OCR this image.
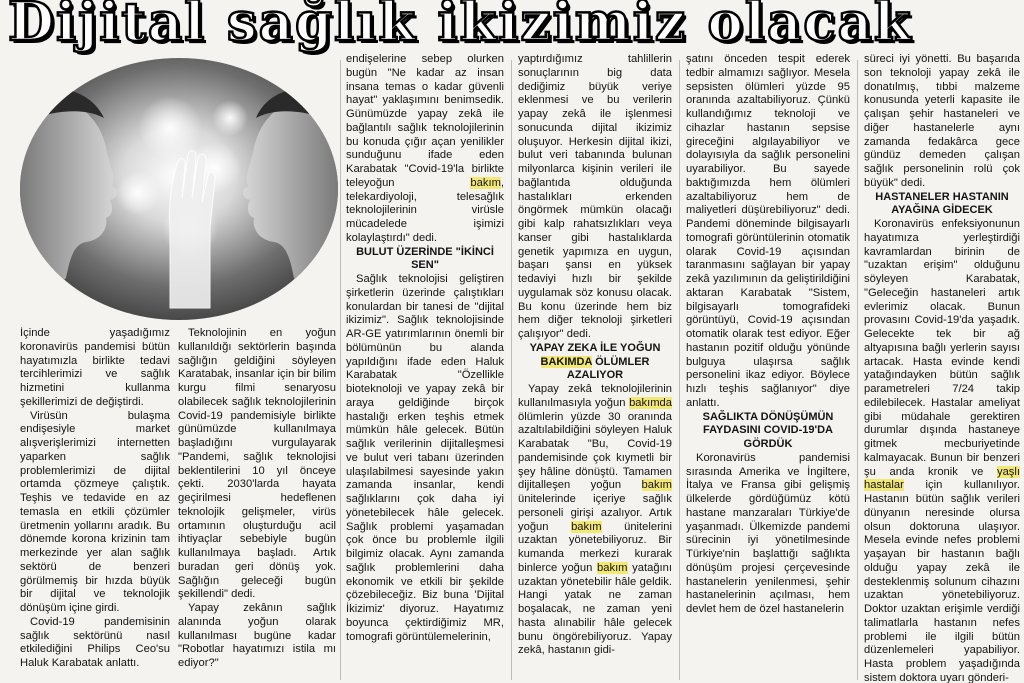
Dijital sağlık ikizimiz olacak

İçinde yaşadığımız koronavirüs pandemisi bütün hayatımızla birlikte tedavi tercihlerimizi ve sağlık hizmetini kullanma şekillerimizi de değiştirdi.

Virüsün bulaşma endişesiyle market alışverişlerimizi internetten yaparken sağlık problemlerimizi de dijital ortamda çözmeye çalıştık. Teşhis ve tedavide en az temasla en etkili çözümler üretmenin yollarını aradık. Bu dönemde korona krizinin tam merkezinde yer alan sağlık sektörü de benzeri görülmemiş bir hızda büyük bir dijital ve teknolojik dönüşüm içine girdi.

Covid-19 pandemisinin sağlık sektörünü nasıl etkilediğini Philips Ceo'su Haluk Karabatak anlattı.

Teknolojinin en yoğun kullanıldığı sektörlerin başında sağlığın geldiğini söyleyen Karatabak, insanlar için bir bilim kurgu filmi senaryosu olabilecek sağlık teknolojilerinin Covid-19 pandemisiyle birlikte günümüzde kullanılmaya başladığını vurgulayarak "Pandemi, sağlık teknolojisi beklentilerini 10 yıl önceye çekti. 2030'larda hayata geçirilmesi hedeflenen teknolojik gelişmeler, virüs ortamının oluşturduğu acil ihtiyaçlar sebebiyle bugün kullanılmaya başladı. Artık buradan geri dönüş yok. Sağlığın geleceği bugün şekillendi" dedi.

Yapay zekânın sağlık alanında yoğun olarak kullanılması bugüne kadar "Robotlar hayatımızı istila mı ediyor?"

endişelerine sebep olurken bugün "Ne kadar az insan insana temas o kadar güvenli hayat" yaklaşımını benimsedik. Günümüzde yapay zekâ ile bağlantılı sağlık teknolojilerinin bu konuda çığır açan yenilikler sunduğunu ifade eden Karabatak "Covid-19'la birlikte teleyoğun bakım, telekardiyoloji, telesağlık teknolojilerinin virüsle mücadelede işimizi kolaylaştırdı" dedi.

BULUT ÜZERİNDE "İKİNCİ SEN"

Sağlık teknolojisi geliştiren şirketlerin üzerinde çalıştıkları konulardan bir tanesi de "dijital ikizimiz". Sağlık teknolojisinde AR-GE yatırımlarının önemli bir bölümünün bu alanda yapıldığını ifade eden Haluk Karabatak "Özellikle bioteknoloji ve yapay zekâ bir araya geldiğinde birçok hastalığı erken teşhis etmek mümkün hâle gelecek. Bütün sağlık verilerinin dijitalleşmesi ve bulut veri tabanı üzerinden ulaşılabilmesi sayesinde yakın zamanda insanlar, kendi sağlıklarını çok daha iyi yönetebilecek hâle gelecek. Sağlık problemi yaşamadan çok önce bu problemle ilgili bilgimiz olacak. Aynı zamanda sağlık problemlerini daha ekonomik ve etkili bir şekilde çözebileceğiz. Biz buna 'Dijital İkizimiz' diyoruz. Hayatımız boyunca çektirdiğimiz MR, tomografi görüntülemelerinin,

yaptırdığımız tahlillerin sonuçlarının big data dediğimiz büyük veriye eklenmesi ve bu verilerin yapay zekâ ile işlenmesi sonucunda dijital ikizimiz oluşuyor. Herkesin dijital ikizi, bulut veri tabanında bulunan milyonlarca kişinin verileri ile bağlantıda olduğunda hastalıkları erkenden öngörmek mümkün olacağı gibi kalp rahatsızlıkları veya kanser gibi hastalıklarda genetik yapımıza en uygun, başarı şansı en yüksek tedaviyi hızlı bir şekilde uygulamak söz konusu olacak. Bu konu üzerinde hem biz hem diğer teknoloji şirketleri çalışıyor" dedi.

YAPAY ZEKA İLE YOĞUN BAKIMDA ÖLÜMLER AZALIYOR

Yapay zekâ teknolojilerinin kullanılmasıyla yoğun bakımda ölümlerin yüzde 30 oranında azaltılabildiğini söyleyen Haluk Karabatak "Bu, Covid-19 pandemisinde çok kıymetli bir şey hâline dönüştü. Tamamen dijitalleşen yoğun bakım ünitelerinde içeriye sağlık personeli girişi azalıyor. Artık yoğun bakım ünitelerini uzaktan yönetebiliyoruz. Bir kumanda merkezi kurarak binlerce yoğun bakım yatağını uzaktan yönetebilir hâle geldik. Hangi yatak ne zaman boşalacak, ne zaman yeni hasta alınabilir hâle gelecek bunu öngörebiliyoruz. Yapay zekâ, hastanın gidi-

şatını önceden tespit ederek tedbir almamızı sağlıyor. Mesela sepsisten ölümleri yüzde 95 oranında azaltabiliyoruz. Çünkü kullandığımız teknoloji ve cihazlar hastanın sepsise gireceğini algılayabiliyor ve dolayısıyla da sağlık personelini uyarabiliyor. Bu sayede baktığımızda hem ölümleri azaltabiliyoruz hem de maliyetleri düşürebiliyoruz" dedi. Pandemi döneminde bilgisayarlı tomografi görüntülerinin otomatik olarak Covid-19 açısından taranmasını sağlayan bir yapay zekâ yazılımının da geliştirildiğini aktaran Karabatak "Sistem, bilgisayarlı tomografideki görüntüyü, Covid-19 açısından otomatik olarak test ediyor. Eğer hastanın pozitif olduğu yönünde bulguya ulaşırsa sağlık personelini ikaz ediyor. Böylece hızlı teşhis sağlanıyor" diye anlattı.

SAĞLIKTA DÖNÜŞÜMÜN FAYDASINI COVID-19'DA GÖRDÜK

Koronavirüs pandemisi sırasında Amerika ve İngiltere, İtalya ve Fransa gibi gelişmiş ülkelerde gördüğümüz kötü hastane manzaraları Türkiye'de yaşanmadı. Ülkemizde pandemi sürecinin iyi yönetilmesinde Türkiye'nin başlattığı sağlıkta dönüşüm projesi çerçevesinde hastanelerin yenilenmesi, şehir hastanelerinin açılması, hem devlet hem de özel hastanelerin

süreci iyi yönetti. Bu başarıda son teknoloji yapay zekâ ile donatılmış, tıbbi malzeme konusunda yeterli kapasite ile çalışan şehir hastaneleri ve diğer hastanelerle aynı zamanda fedakârca gece gündüz demeden çalışan sağlık personelinin rolü çok büyük" dedi.

HASTANELER HASTANIN AYAĞINA GİDECEK

Koronavirüs enfeksiyonunun hayatımıza yerleştirdiği kavramlardan birinin de "uzaktan erişim" olduğunu söyleyen Karabatak, "Geleceğin hastaneleri artık evlerimiz olacak. Bunun provasını Covid-19'da yaşadık. Gelecekte tek bir ağ altyapısına bağlı yerlerin sayısı artacak. Hasta evinde kendi yatağındayken bütün sağlık parametreleri 7/24 takip edilebilecek. Hastalar ameliyat gibi müdahale gerektiren durumlar dışında hastaneye gitmek mecburiyetinde kalmayacak. Bunun bir benzeri şu anda kronik ve yaşlı hastalar için kullanılıyor. Hastanın bütün sağlık verileri dünyanın neresinde olursa olsun doktoruna ulaşıyor. Mesela evinde nefes problemi yaşayan bir hastanın bağlı olduğu yapay zekâ ile desteklenmiş solunum cihazını uzaktan yönetebiliyoruz. Doktor uzaktan erişimle verdiği talimatlarla hastanın nefes problemi ile ilgili bütün düzenlemeleri yapabiliyor. Hasta problem yaşadığında sistem doktora uyarı gönderi-
